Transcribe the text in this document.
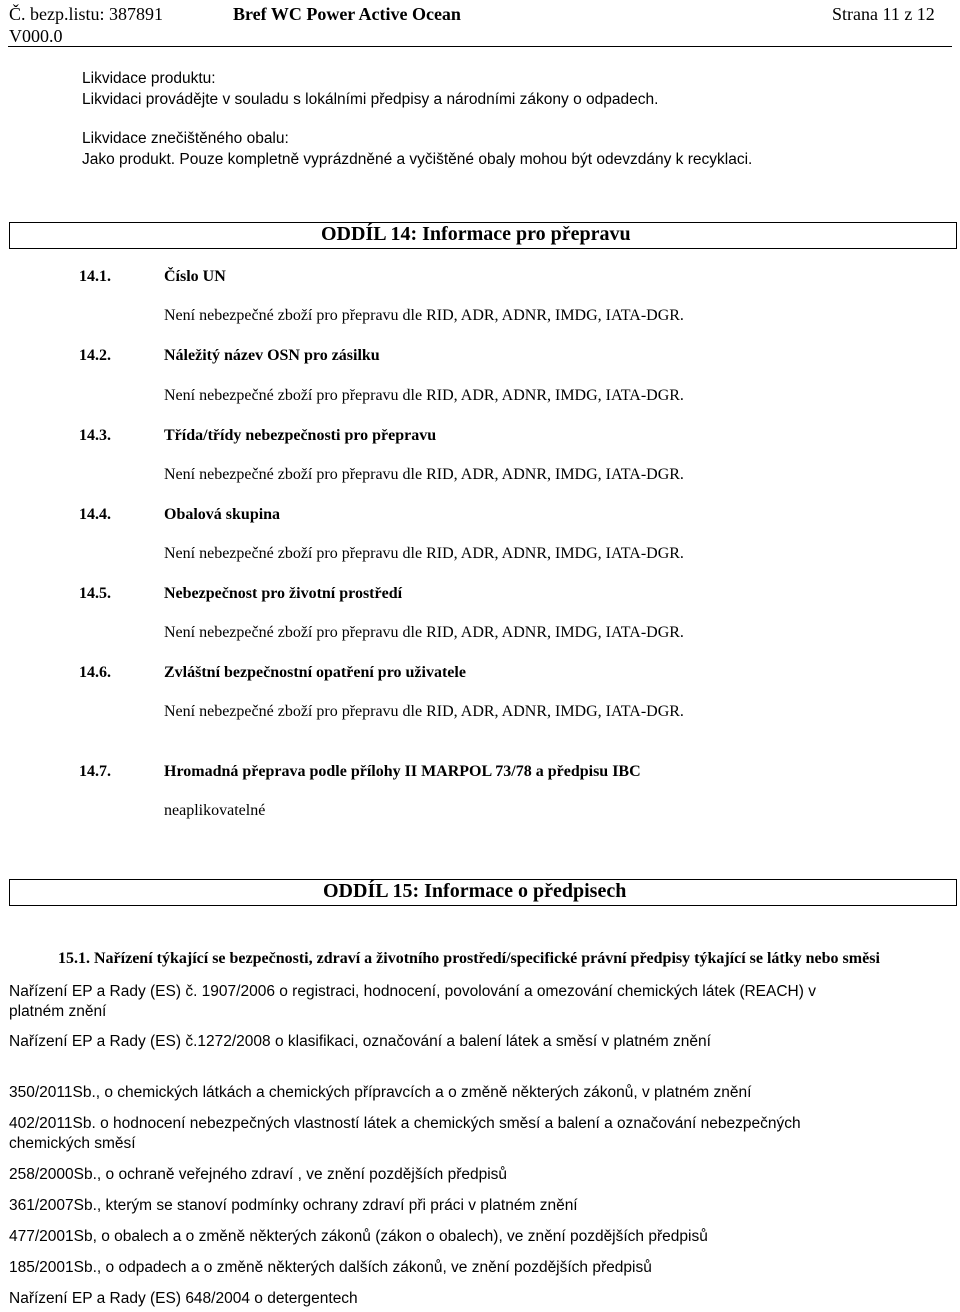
Č. bezp.listu: 387891
V000.0
Bref WC Power Active Ocean	Strana 11 z 12
Likvidace produktu:
Likvidaci provádějte v souladu s lokálními předpisy a národními zákony o odpadech.
Likvidace znečištěného obalu:
Jako produkt. Pouze kompletně vyprázdněné a vyčištěné obaly mohou být odevzdány k recyklaci.
ODDÍL 14: Informace pro přepravu
14.1.	Číslo UN
Není nebezpečné zboží pro přepravu dle RID, ADR, ADNR, IMDG, IATA-DGR.
14.2.	Náležitý název OSN pro zásilku
Není nebezpečné zboží pro přepravu dle RID, ADR, ADNR, IMDG, IATA-DGR.
14.3.	Třída/třídy nebezpečnosti pro přepravu
Není nebezpečné zboží pro přepravu dle RID, ADR, ADNR, IMDG, IATA-DGR.
14.4.	Obalová skupina
Není nebezpečné zboží pro přepravu dle RID, ADR, ADNR, IMDG, IATA-DGR.
14.5.	Nebezpečnost pro životní prostředí
Není nebezpečné zboží pro přepravu dle RID, ADR, ADNR, IMDG, IATA-DGR.
14.6.	Zvláštní bezpečnostní opatření pro uživatele
Není nebezpečné zboží pro přepravu dle RID, ADR, ADNR, IMDG, IATA-DGR.
14.7.	Hromadná přeprava podle přílohy II MARPOL 73/78 a předpisu IBC
neaplikovatelné
ODDÍL 15: Informace o předpisech
15.1. Nařízení týkající se bezpečnosti, zdraví a životního prostředí/specifické právní předpisy týkající se látky nebo směsi
Nařízení EP a Rady (ES) č. 1907/2006 o registraci, hodnocení, povolování a omezování chemických látek (REACH) v
platném znění
Nařízení EP a Rady (ES) č.1272/2008 o klasifikaci, označování a balení látek a směsí v platném znění
350/2011Sb., o chemických látkách a chemických přípravcích a o změně některých zákonů, v platném znění
402/2011Sb. o hodnocení nebezpečných vlastností látek a chemických směsí a balení a označování nebezpečných
chemických směsí
258/2000Sb., o ochraně veřejného zdraví , ve znění pozdějších předpisů
361/2007Sb., kterým se stanoví podmínky ochrany zdraví při práci v platném znění
477/2001Sb, o obalech a o změně některých zákonů (zákon o obalech), ve znění pozdějších předpisů
185/2001Sb., o odpadech a o změně některých dalších zákonů, ve znění pozdějších předpisů
Nařízení EP a Rady (ES) 648/2004 o detergentech
